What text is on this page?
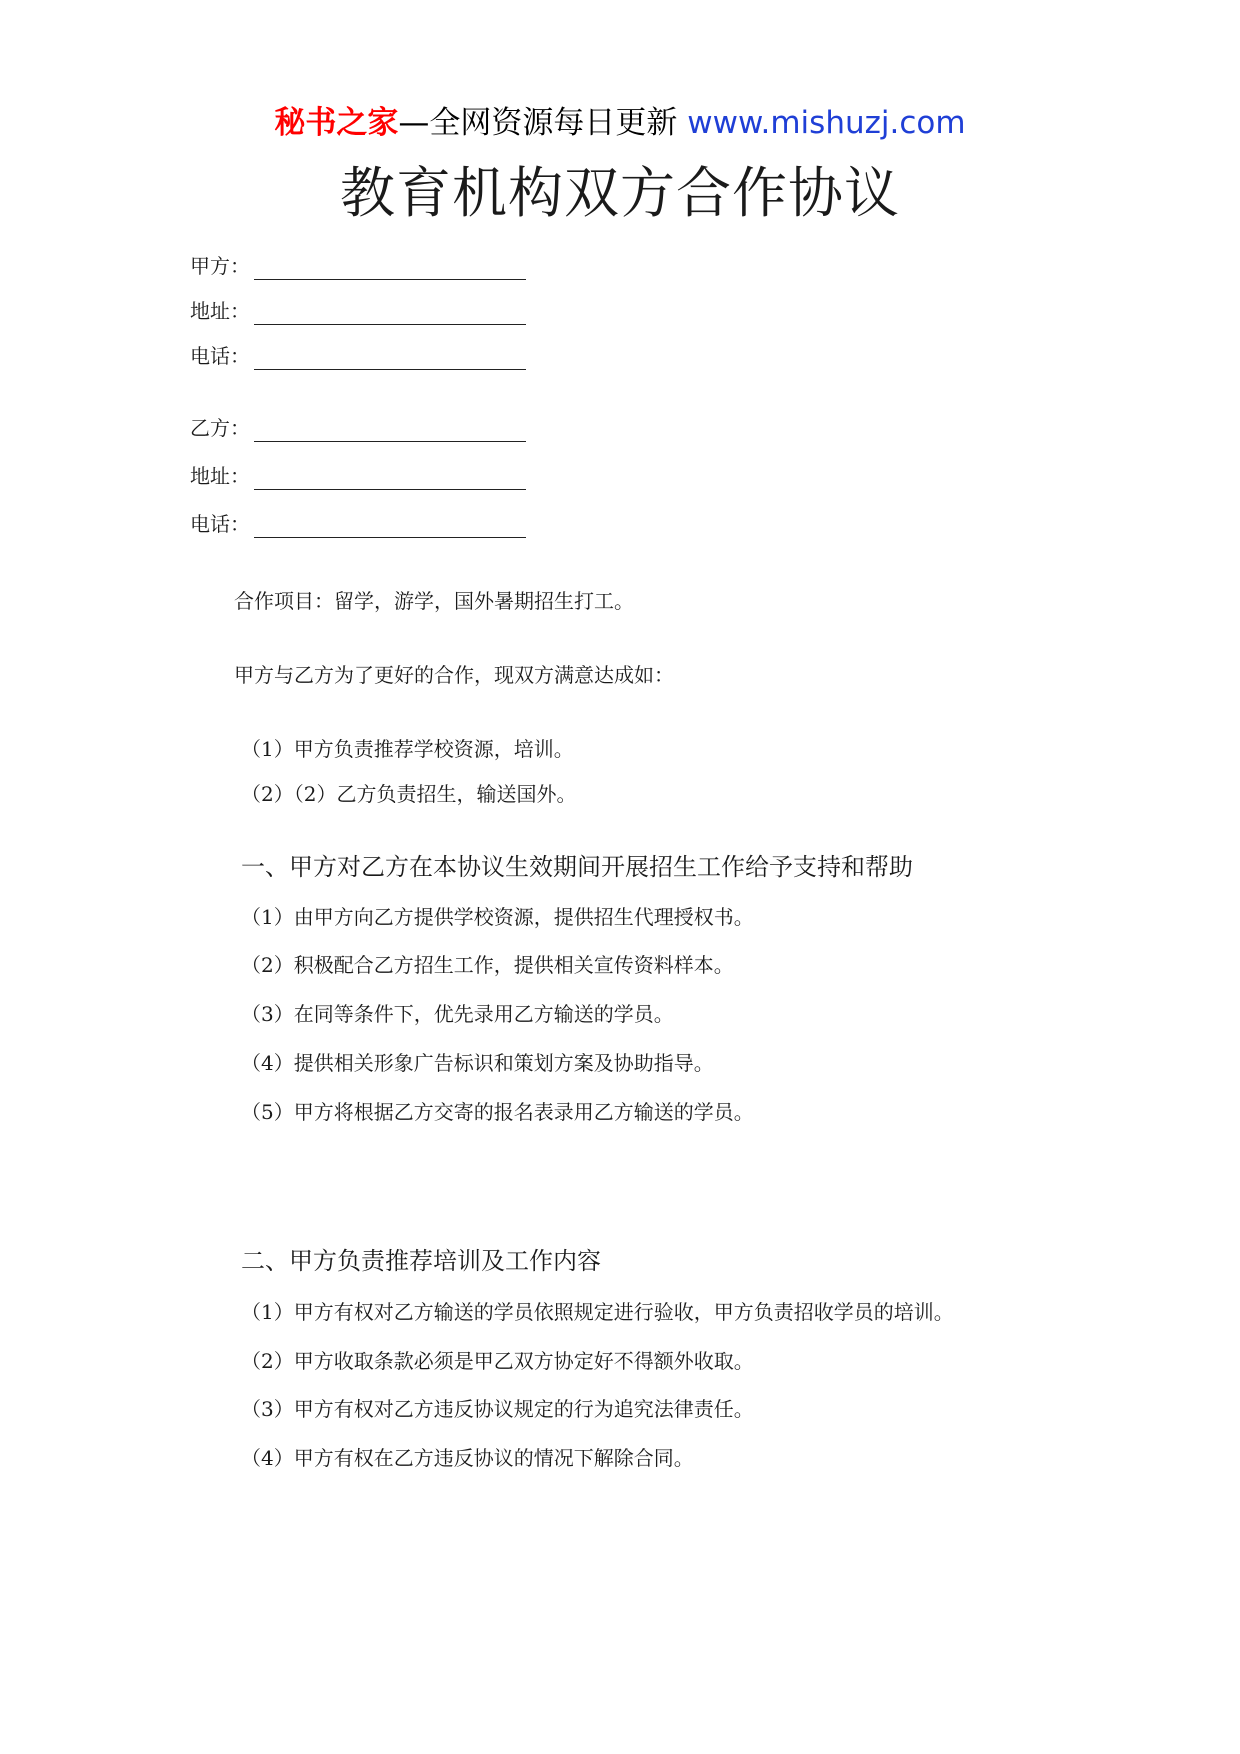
秘书之家—全网资源每日更新 www.mishuzj.com
教育机构双方合作协议
甲方：
地址：
电话：
乙方：
地址：
电话：
合作项目：留学，游学，国外暑期招生打工。
甲方与乙方为了更好的合作，现双方满意达成如：
（1）甲方负责推荐学校资源，培训。
（2）（2）乙方负责招生，输送国外。
一、甲方对乙方在本协议生效期间开展招生工作给予支持和帮助
（1）由甲方向乙方提供学校资源，提供招生代理授权书。
（2）积极配合乙方招生工作，提供相关宣传资料样本。
（3）在同等条件下，优先录用乙方输送的学员。
（4）提供相关形象广告标识和策划方案及协助指导。
（5）甲方将根据乙方交寄的报名表录用乙方输送的学员。
二、甲方负责推荐培训及工作内容
（1）甲方有权对乙方输送的学员依照规定进行验收，甲方负责招收学员的培训。
（2）甲方收取条款必须是甲乙双方协定好不得额外收取。
（3）甲方有权对乙方违反协议规定的行为追究法律责任。
（4）甲方有权在乙方违反协议的情况下解除合同。
